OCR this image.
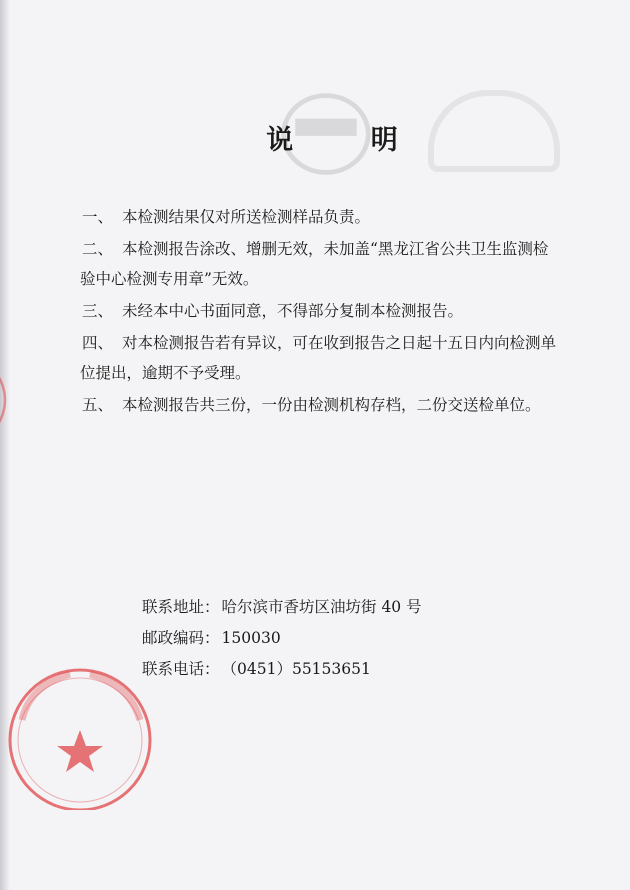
说 明
一、 本检测结果仅对所送检测样品负责。
二、 本检测报告涂改、增删无效，未加盖“黑龙江省公共卫生监测检
验中心检测专用章”无效。
三、 未经本中心书面同意，不得部分复制本检测报告。
四、 对本检测报告若有异议，可在收到报告之日起十五日内向检测单
位提出，逾期不予受理。
五、 本检测报告共三份，一份由检测机构存档，二份交送检单位。
联系地址： 哈尔滨市香坊区油坊街 40 号
邮政编码： 150030
联系电话： （0451）55153651
